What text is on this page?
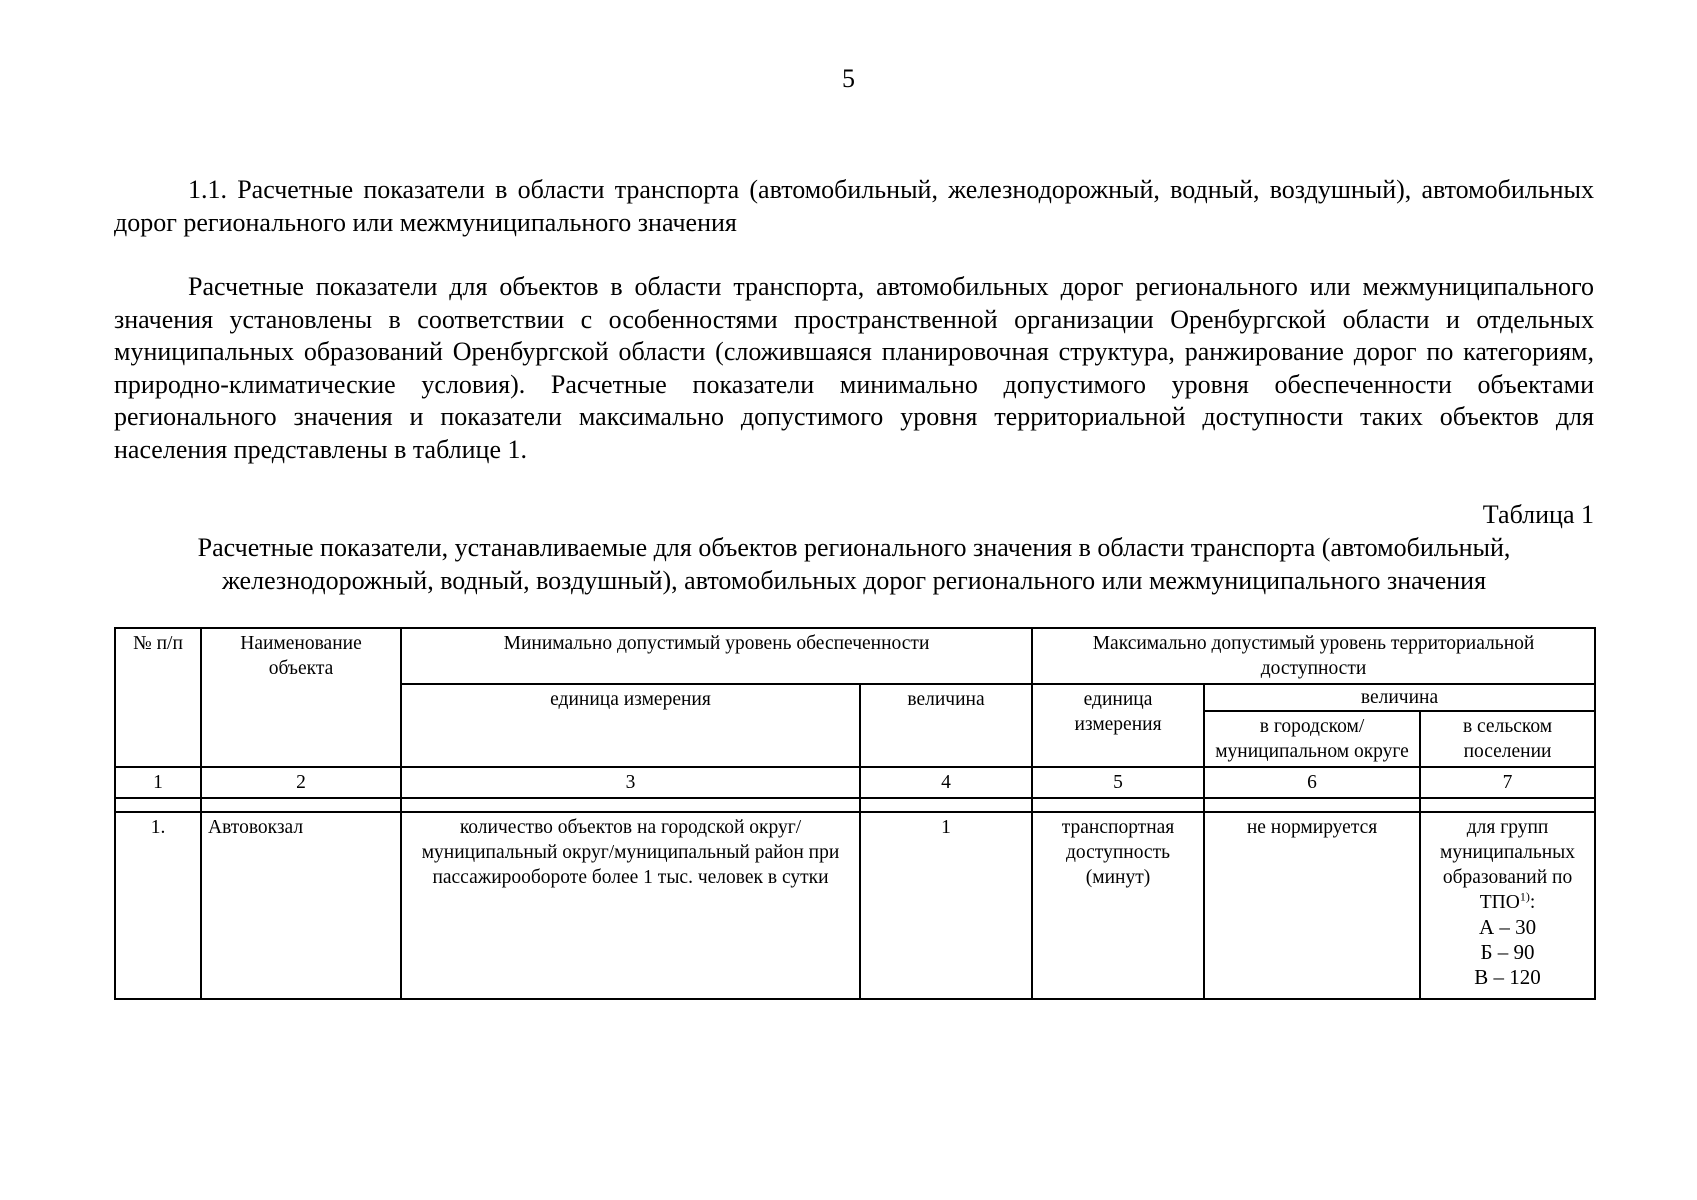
5

1.1. Расчетные показатели в области транспорта (автомобильный, железнодорожный, водный, воздушный), автомобильных дорог регионального или межмуниципального значения

Расчетные показатели для объектов в области транспорта, автомобильных дорог регионального или межмуниципального значения установлены в соответствии с особенностями пространственной организации Оренбургской области и отдельных муниципальных образований Оренбургской области (сложившаяся планировочная структура, ранжирование дорог по категориям, природно-климатические условия). Расчетные показатели минимально допустимого уровня обеспеченности объектами регионального значения и показатели максимально допустимого уровня территориальной доступности таких объектов для населения представлены в таблице 1.

Таблица 1

Расчетные показатели, устанавливаемые для объектов регионального значения в области транспорта (автомобильный, железнодорожный, водный, воздушный), автомобильных дорог регионального или межмуниципального значения

№ п/п	Наименование объекта	Минимально допустимый уровень обеспеченности		Максимально допустимый уровень территориальной доступности		
		единица измерения	величина	единица измерения	величина	
					в городском/ муниципальном округе	в сельском поселении
1	2	3	4	5	6	7

1.	Автовокзал	количество объектов на городской округ/муниципальный округ/муниципальный район при пассажирообороте более 1 тыс. человек в сутки	1	транспортная доступность (минут)	не нормируется	для групп муниципальных образований по ТПО$^{1)}$:
А – 30
Б – 90
В – 120
